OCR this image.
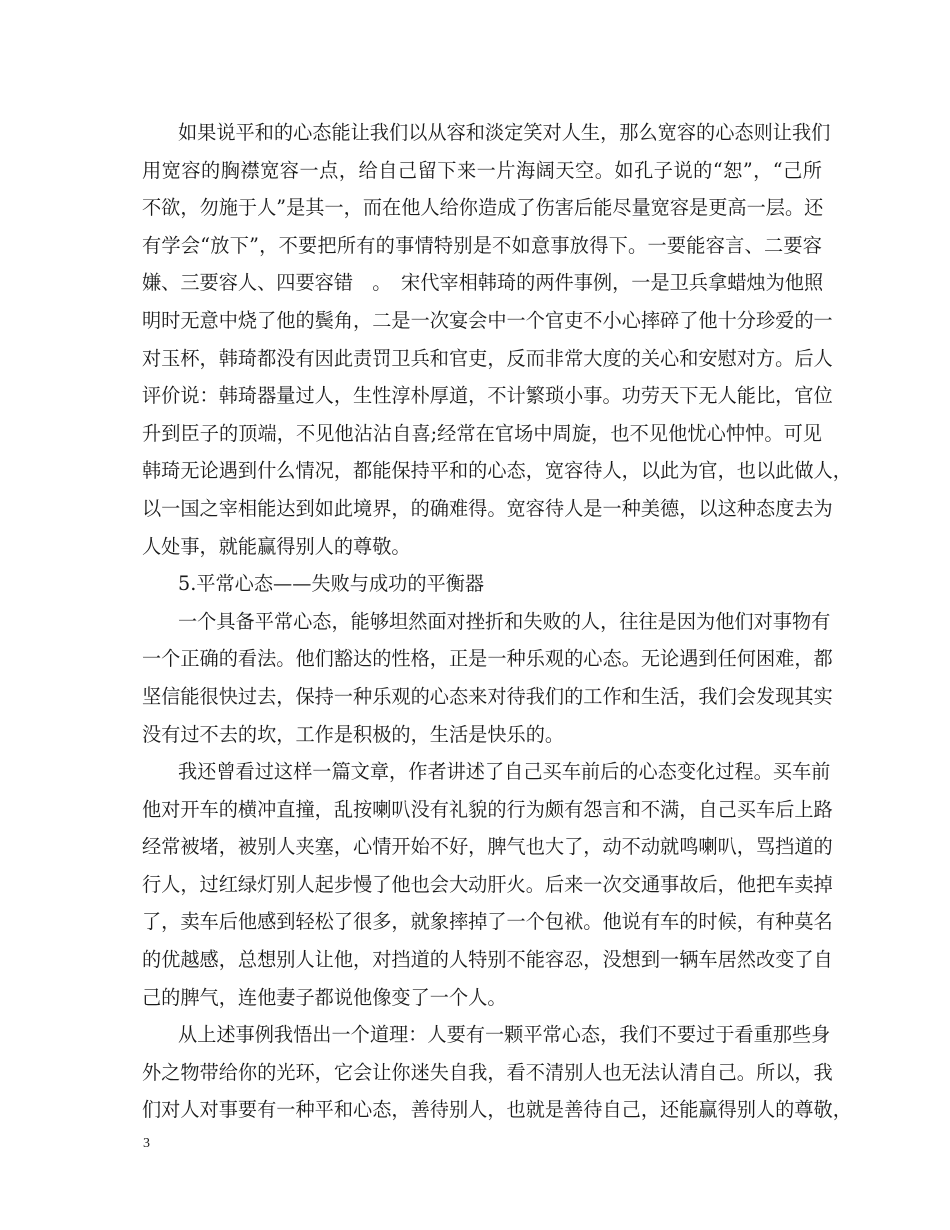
如果说平和的心态能让我们以从容和淡定笑对人生，那么宽容的心态则让我们
用宽容的胸襟宽容一点，给自己留下来一片海阔天空。如孔子说的“恕”，“己所
不欲，勿施于人”是其一，而在他人给你造成了伤害后能尽量宽容是更高一层。还
有学会“放下”，不要把所有的事情特别是不如意事放得下。一要能容言、二要容
嫌、三要容人、四要容错　。　宋代宰相韩琦的两件事例，一是卫兵拿蜡烛为他照
明时无意中烧了他的鬓角，二是一次宴会中一个官吏不小心摔碎了他十分珍爱的一
对玉杯，韩琦都没有因此责罚卫兵和官吏，反而非常大度的关心和安慰对方。后人
评价说：韩琦器量过人，生性淳朴厚道，不计繁琐小事。功劳天下无人能比，官位
升到臣子的顶端，不见他沾沾自喜;经常在官场中周旋，也不见他忧心忡忡。可见
韩琦无论遇到什么情况，都能保持平和的心态，宽容待人，以此为官，也以此做人，
以一国之宰相能达到如此境界，的确难得。宽容待人是一种美德，以这种态度去为
人处事，就能赢得别人的尊敬。
5.平常心态——失败与成功的平衡器
一个具备平常心态，能够坦然面对挫折和失败的人，往往是因为他们对事物有
一个正确的看法。他们豁达的性格，正是一种乐观的心态。无论遇到任何困难，都
坚信能很快过去，保持一种乐观的心态来对待我们的工作和生活，我们会发现其实
没有过不去的坎，工作是积极的，生活是快乐的。
我还曾看过这样一篇文章，作者讲述了自己买车前后的心态变化过程。买车前
他对开车的横冲直撞，乱按喇叭没有礼貌的行为颇有怨言和不满，自己买车后上路
经常被堵，被别人夹塞，心情开始不好，脾气也大了，动不动就鸣喇叭，骂挡道的
行人，过红绿灯别人起步慢了他也会大动肝火。后来一次交通事故后，他把车卖掉
了，卖车后他感到轻松了很多，就象摔掉了一个包袱。他说有车的时候，有种莫名
的优越感，总想别人让他，对挡道的人特别不能容忍，没想到一辆车居然改变了自
己的脾气，连他妻子都说他像变了一个人。
从上述事例我悟出一个道理：人要有一颗平常心态，我们不要过于看重那些身
外之物带给你的光环，它会让你迷失自我，看不清别人也无法认清自己。所以，我
们对人对事要有一种平和心态，善待别人，也就是善待自己，还能赢得别人的尊敬，
3
